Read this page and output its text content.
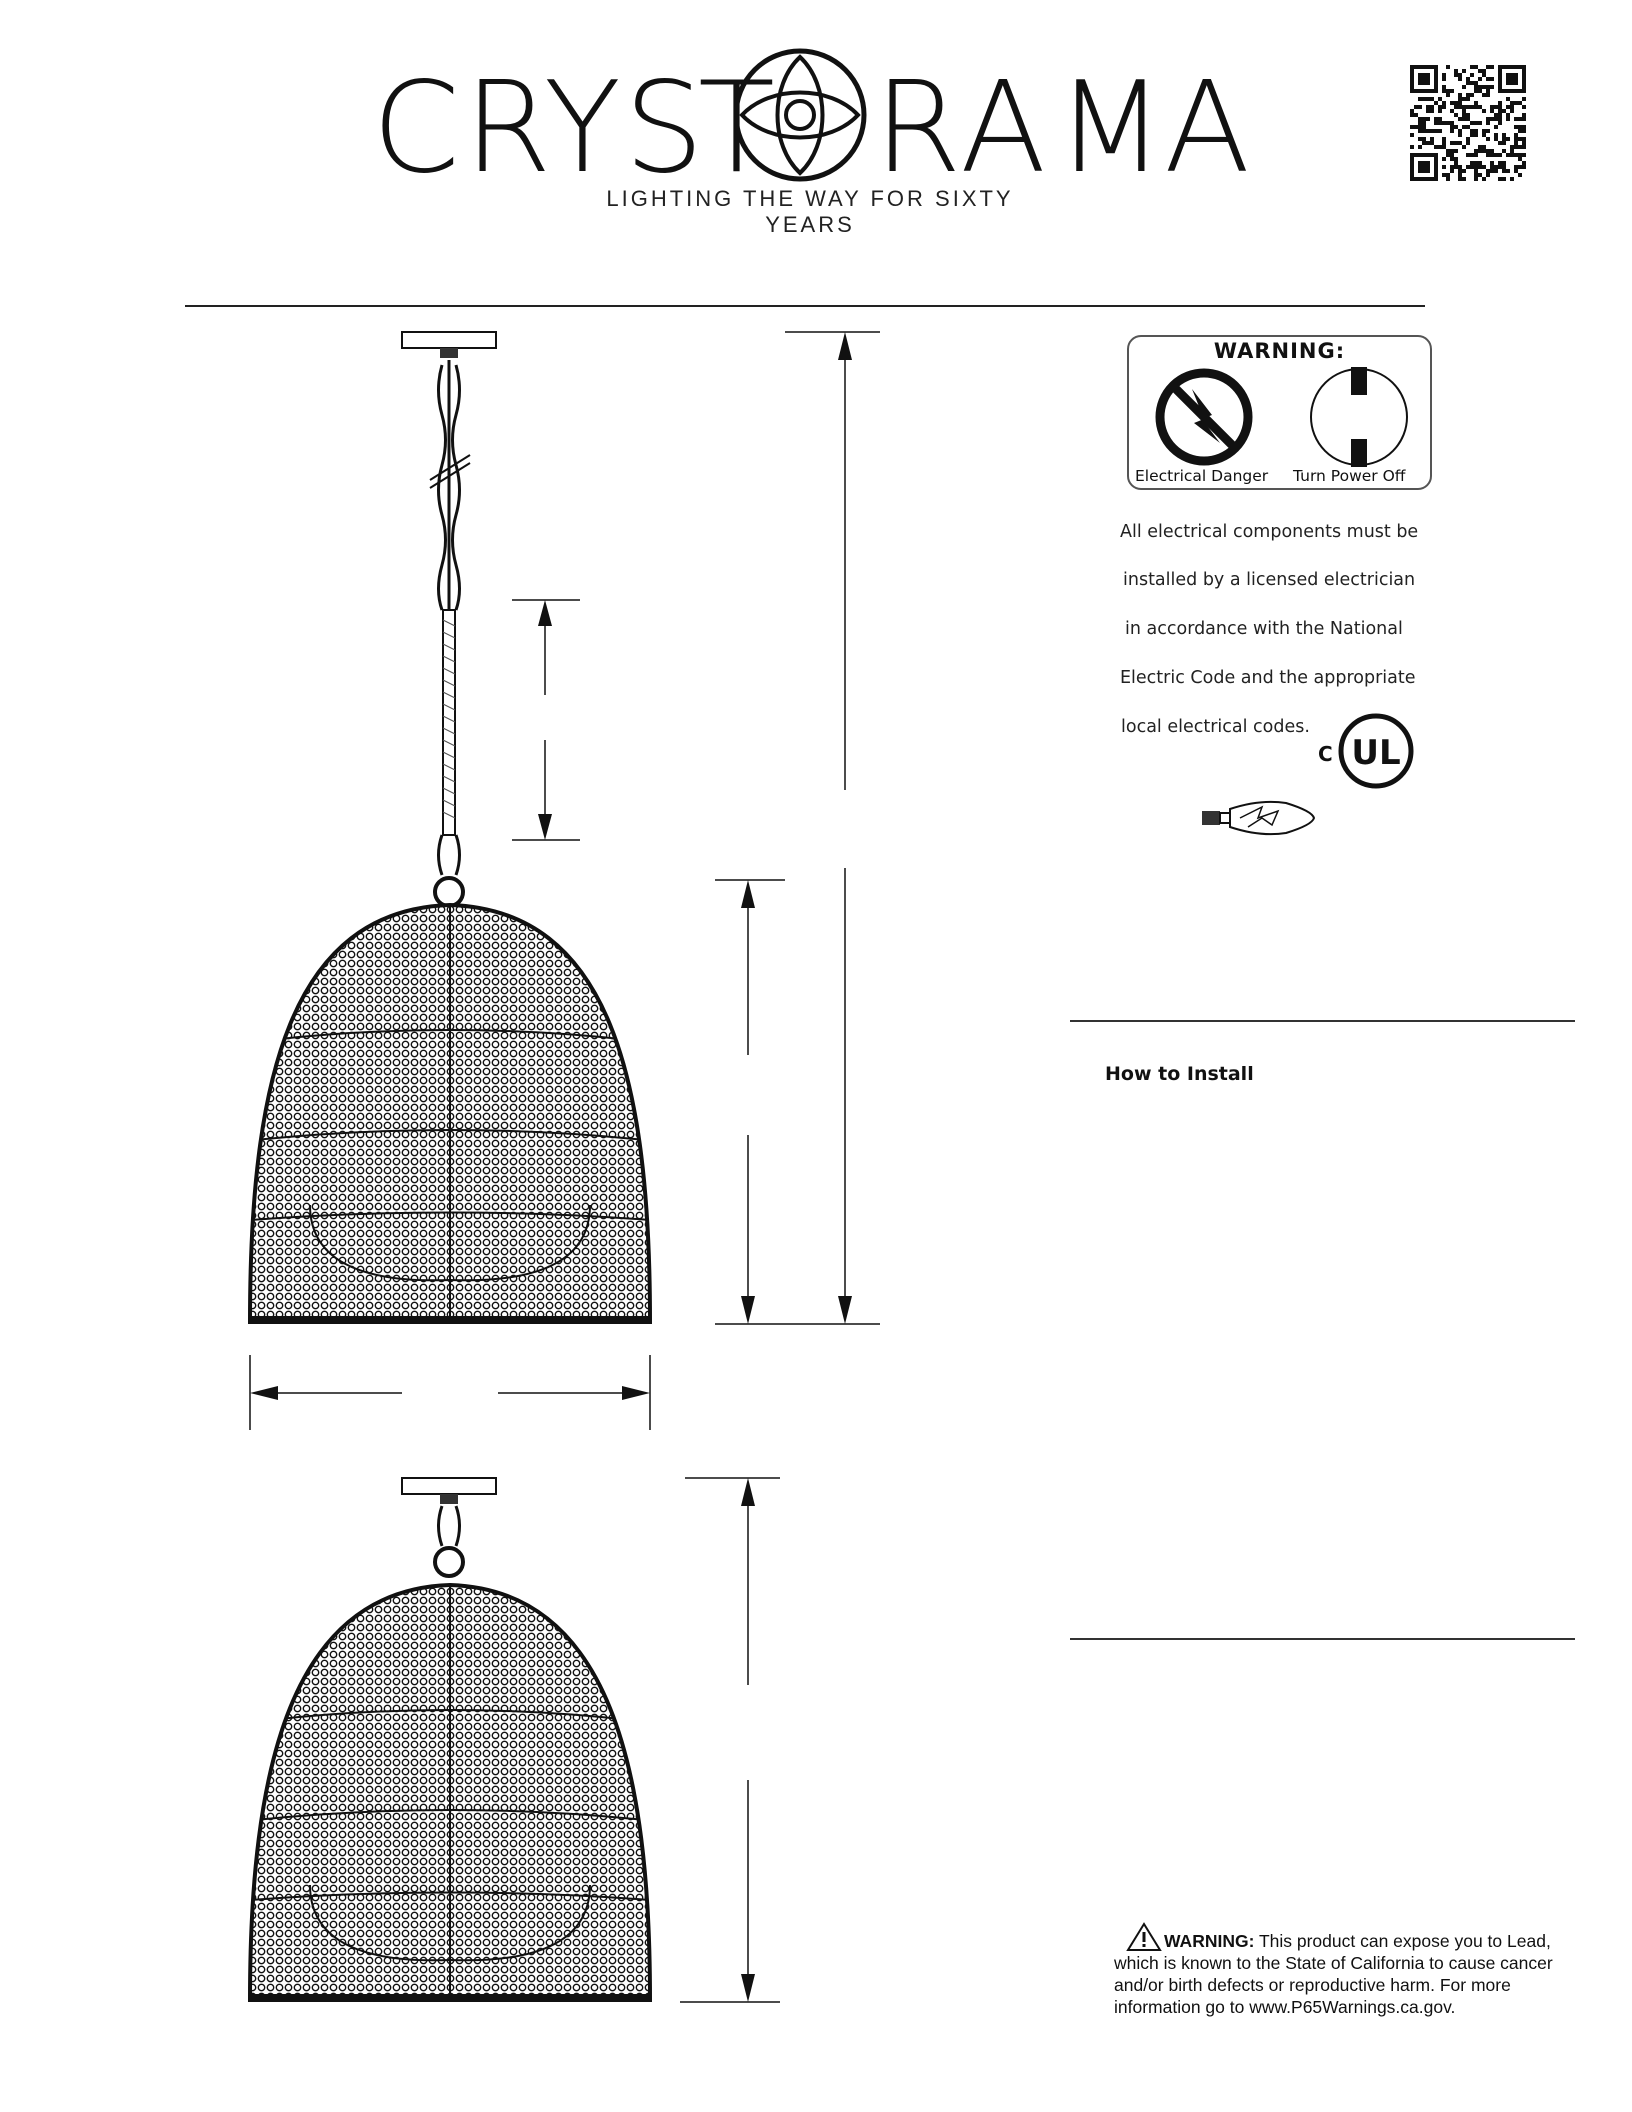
C R
Y S
T R
A M
A
LIGHTING THE WAY FOR SIXTY YEARS
WARNING:
Electrical Danger Turn Power Off
All electrical components must be
installed by a licensed electrician
in accordance with the National
Electric Code and the appropriate
local electrical codes.
C UL
How to Install
WARNING: This product can expose you to Lead, which is known to the State of California to cause cancer and/or birth defects or reproductive harm. For more information go to www.P65Warnings.ca.gov.
